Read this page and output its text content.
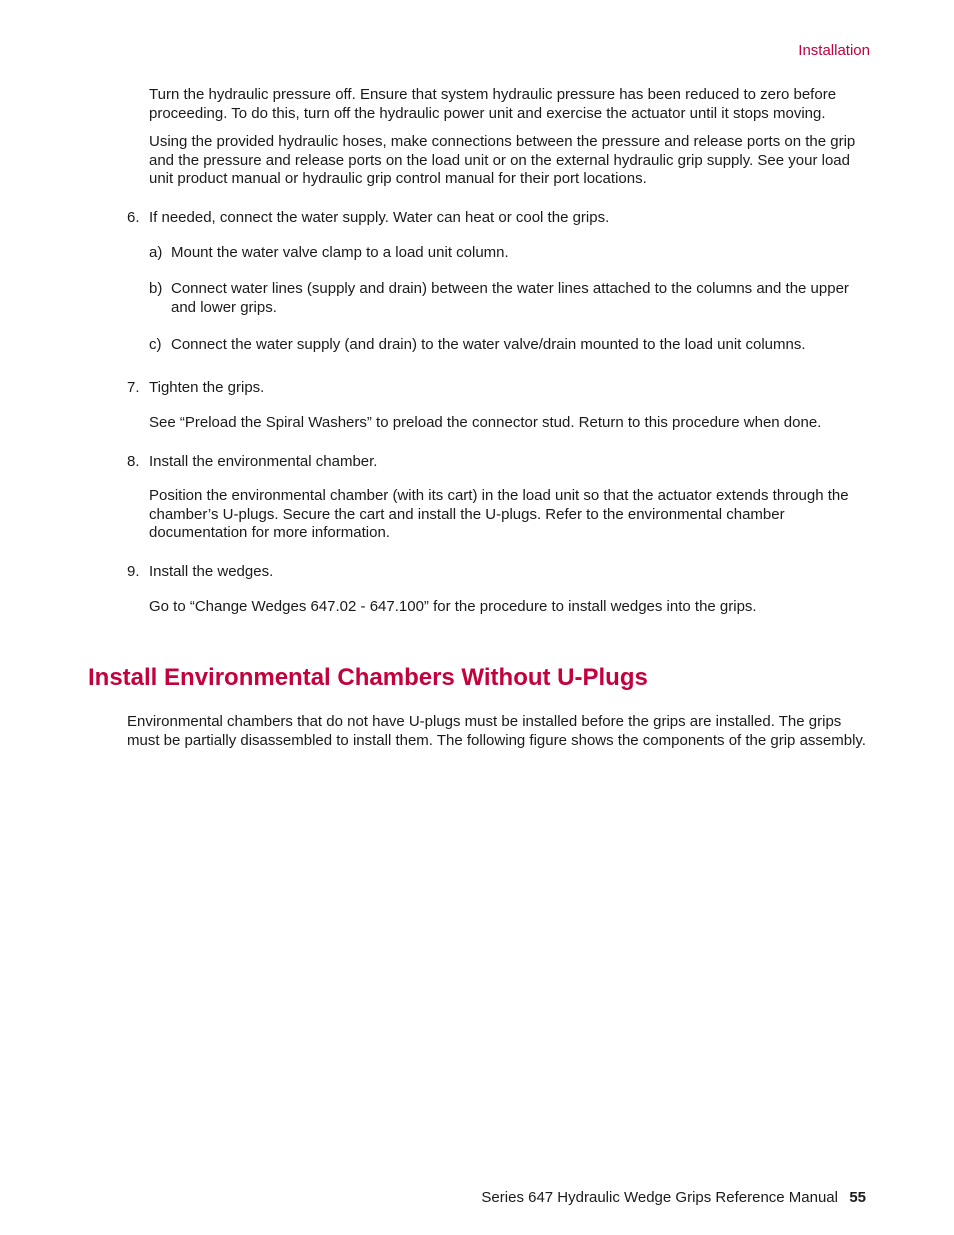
Installation

Turn the hydraulic pressure off. Ensure that system hydraulic pressure has been reduced to zero before proceeding. To do this, turn off the hydraulic power unit and exercise the actuator until it stops moving.

Using the provided hydraulic hoses, make connections between the pressure and release ports on the grip and the pressure and release ports on the load unit or on the external hydraulic grip supply. See your load unit product manual or hydraulic grip control manual for their port locations.

6. If needed, connect the water supply. Water can heat or cool the grips.

a) Mount the water valve clamp to a load unit column.

b) Connect water lines (supply and drain) between the water lines attached to the columns and the upper and lower grips.

c) Connect the water supply (and drain) to the water valve/drain mounted to the load unit columns.

7. Tighten the grips.

See “Preload the Spiral Washers” to preload the connector stud. Return to this procedure when done.

8. Install the environmental chamber.

Position the environmental chamber (with its cart) in the load unit so that the actuator extends through the chamber’s U-plugs. Secure the cart and install the U-plugs. Refer to the environmental chamber documentation for more information.

9. Install the wedges.

Go to “Change Wedges 647.02 - 647.100” for the procedure to install wedges into the grips.

Install Environmental Chambers Without U-Plugs

Environmental chambers that do not have U-plugs must be installed before the grips are installed. The grips must be partially disassembled to install them. The following figure shows the components of the grip assembly.

Series 647 Hydraulic Wedge Grips Reference Manual 55
